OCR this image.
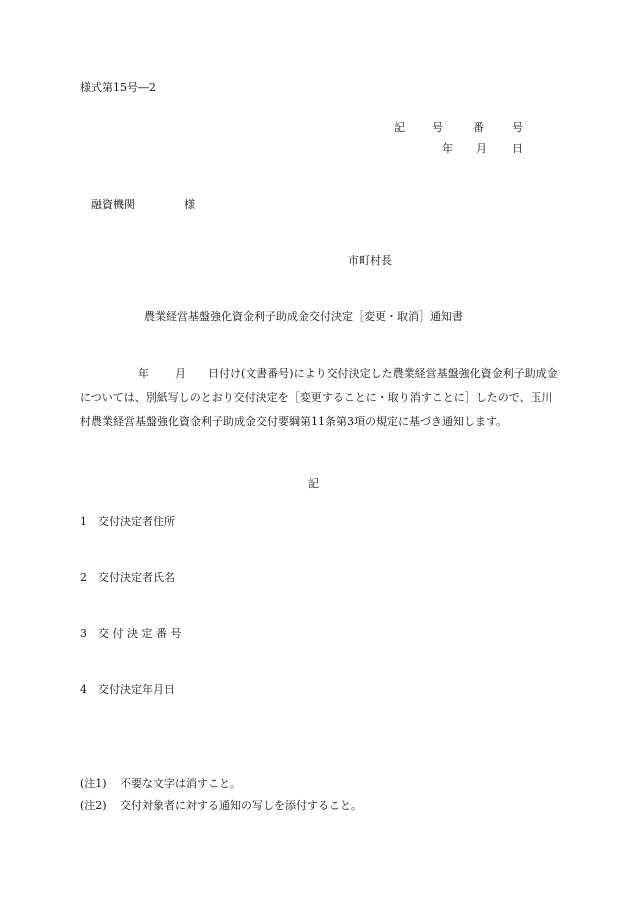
様式第15号―2
記 号	番	号
年 月 日
融資機関	様
市町村長
農業経営基盤強化資金利子助成金交付決定［変更・取消］通知書
年 月 日付け(文書番号)により交付決定した農業経営基盤強化資金利子助成金については、別紙写しのとおり交付決定を［変更することに・取り消すことに］したので、玉川村農業経営基盤強化資金利子助成金交付要綱第11条第3項の規定に基づき通知します。
記
1 交付決定者住所
2 交付決定者氏名
3 交 付 決 定 番 号
4 交付決定年月日
(注1) 不要な文字は消すこと。
(注2) 交付対象者に対する通知の写しを添付すること。
